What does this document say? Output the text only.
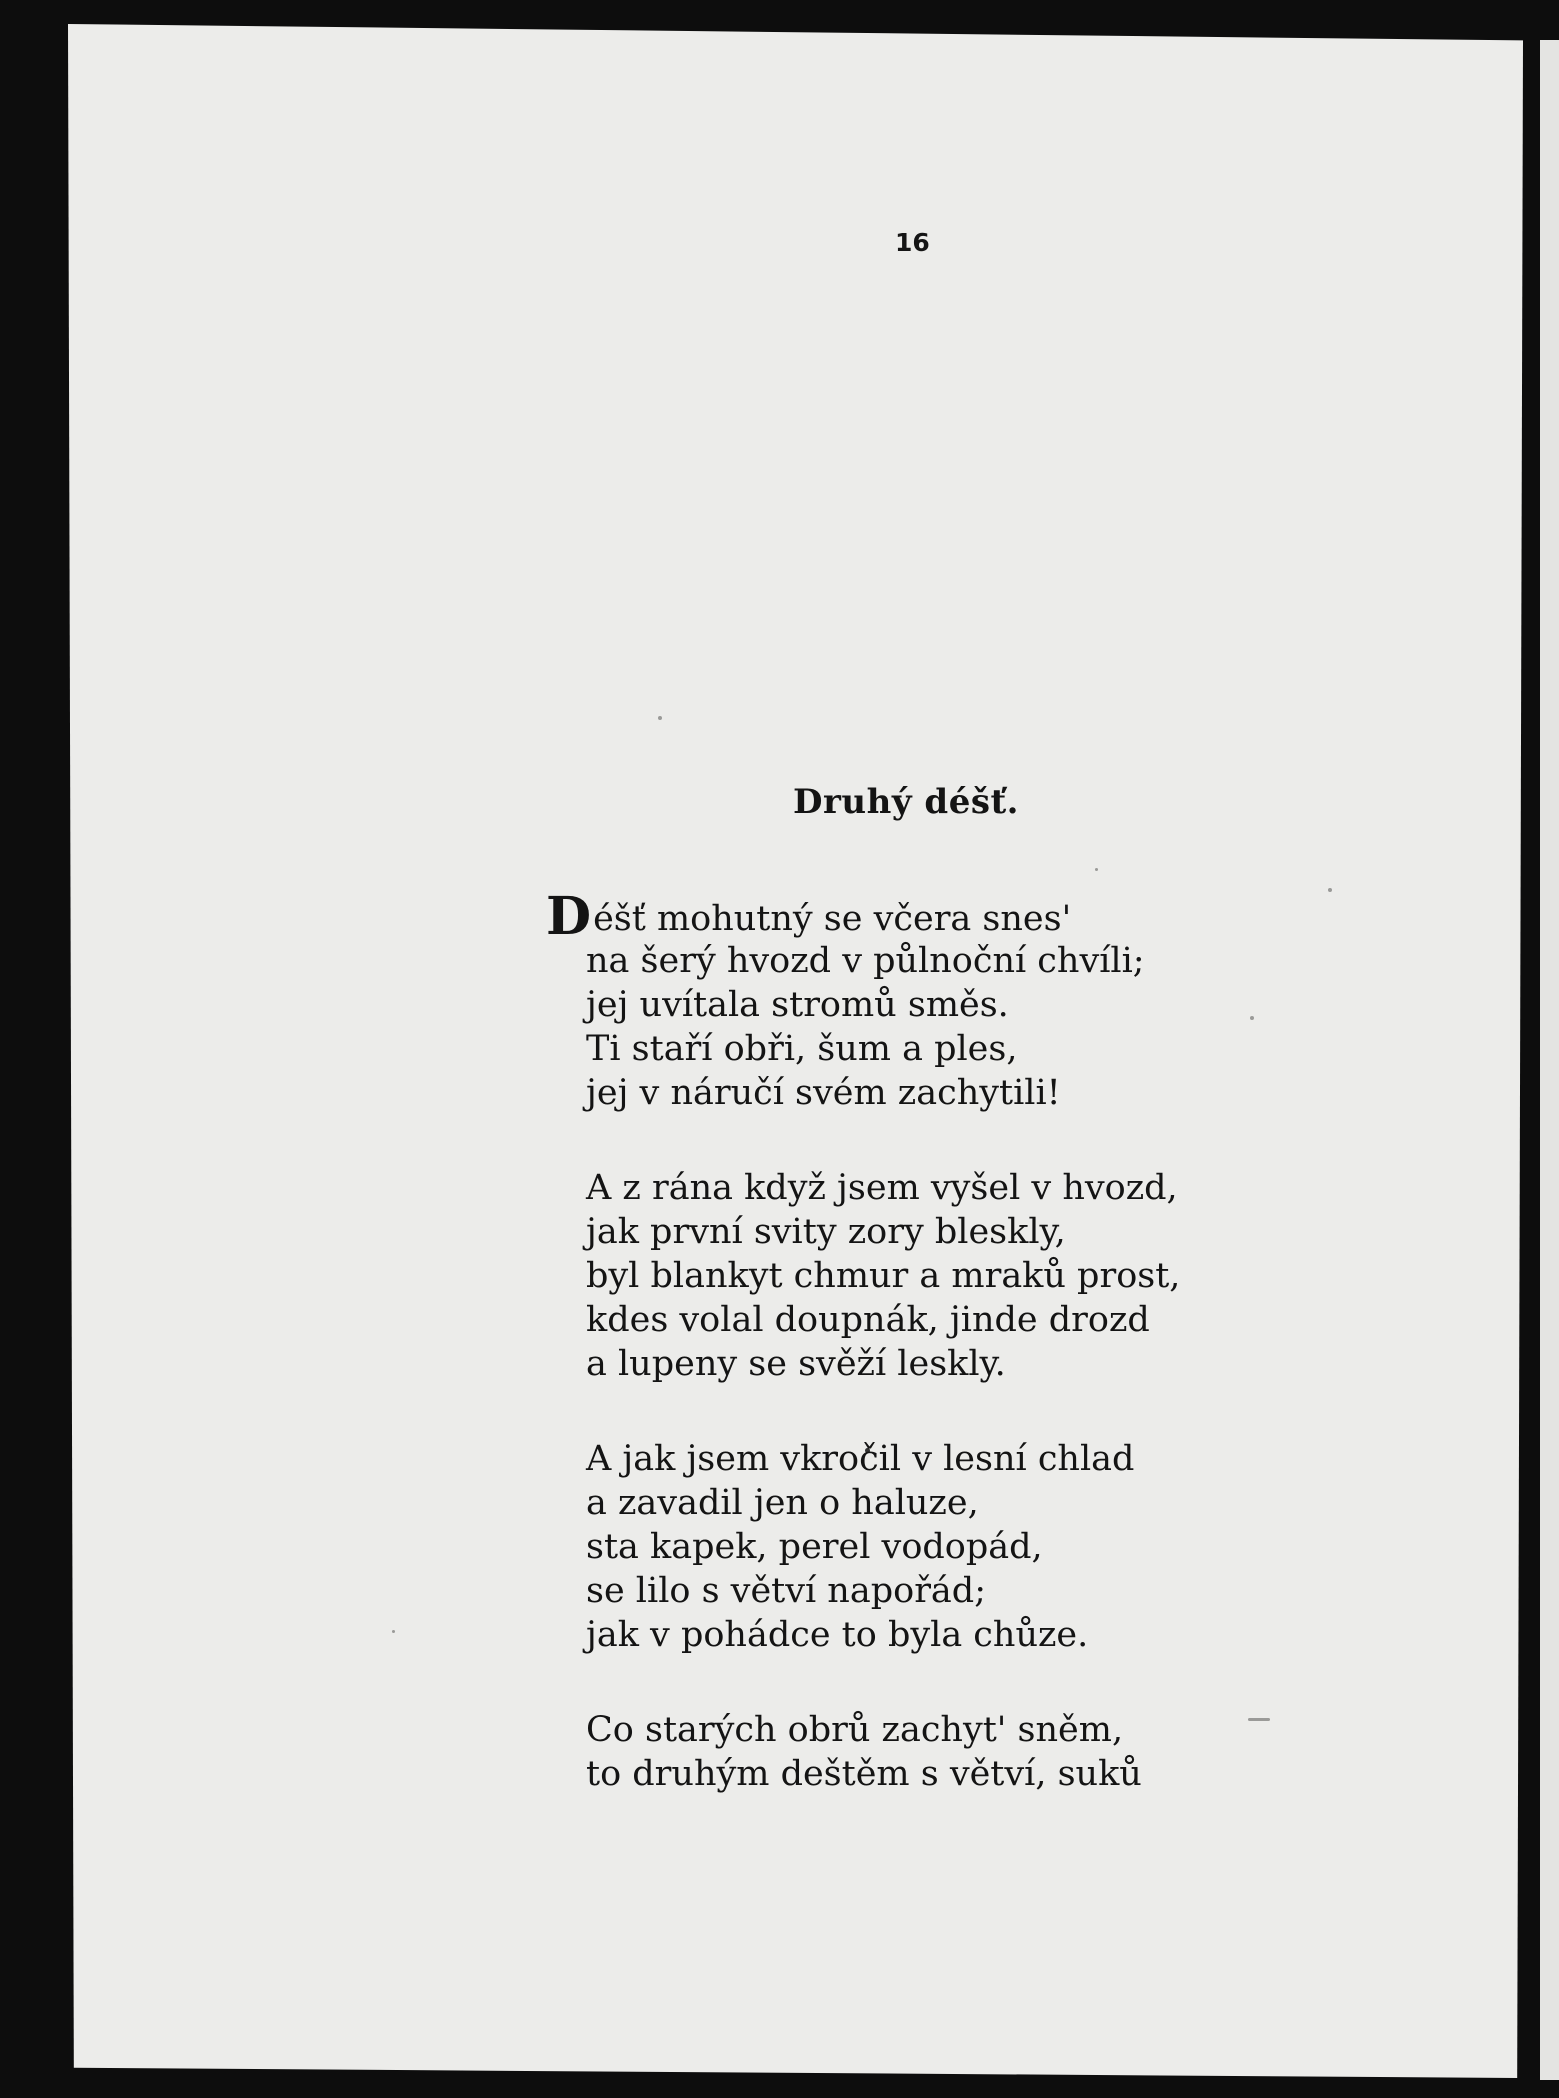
16
Druhý déšť.
Déšť mohutný se včera snes'
na šerý hvozd v půlnoční chvíli;
jej uvítala stromů směs.
Ti staří obři, šum a ples,
jej v náručí svém zachytili!
A z rána když jsem vyšel v hvozd,
jak první svity zory bleskly,
byl blankyt chmur a mraků prost,
kdes volal doupnák, jinde drozd
a lupeny se svěží leskly.
A jak jsem vkročil v lesní chlad
a zavadil jen o haluze,
sta kapek, perel vodopád,
se lilo s větví napořád;
jak v pohádce to byla chůze.
Co starých obrů zachyt' sněm,
to druhým deštěm s větví, suků
